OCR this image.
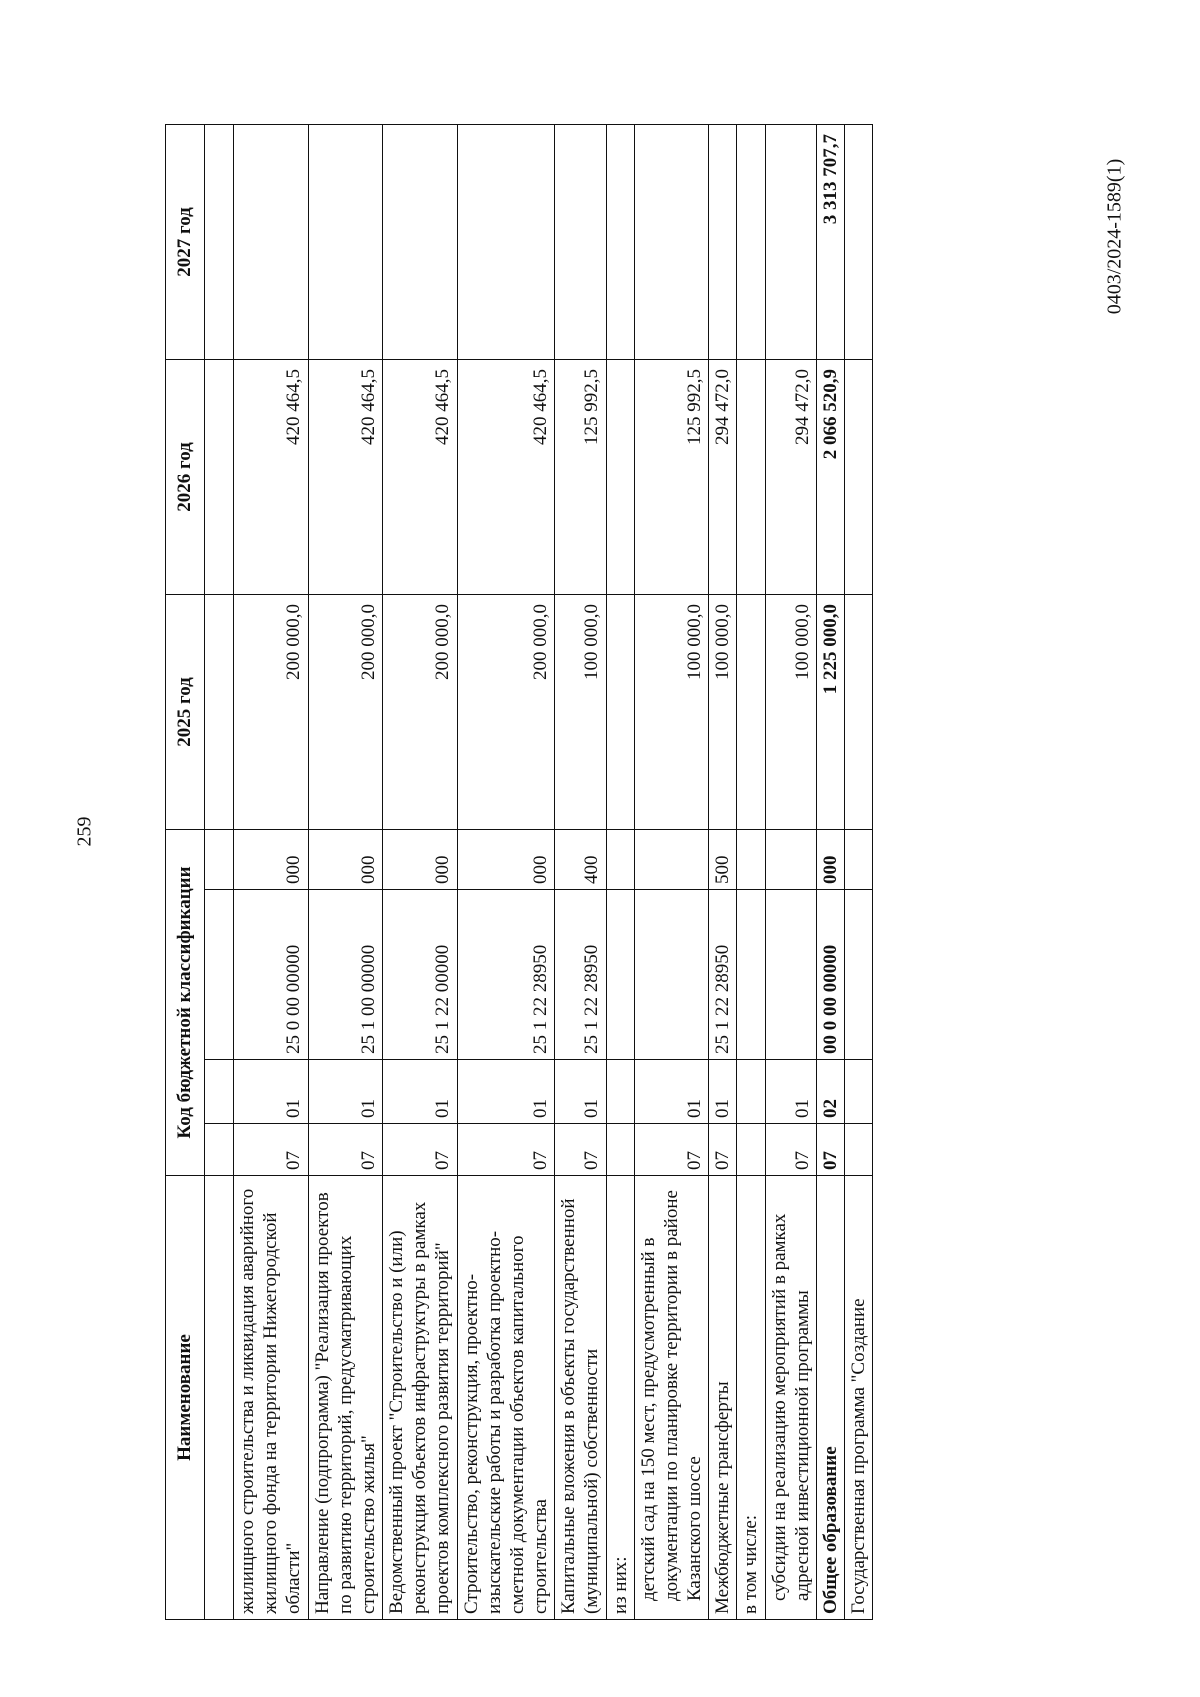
259
Наименование	Код бюджетной классификации				2025 год	2026 год	2027 год

жилищного строительства и ликвидация аварийного жилищного фонда на территории Нижегородской области"	07	01	25 0 00 00000	000	200 000,0	420 464,5	
Направление (подпрограмма) "Реализация проектов по развитию территорий, предусматривающих строительство жилья"	07	01	25 1 00 00000	000	200 000,0	420 464,5	
Ведомственный проект "Строительство и (или) реконструкция объектов инфраструктуры в рамках проектов комплексного развития территорий"	07	01	25 1 22 00000	000	200 000,0	420 464,5	
Строительство, реконструкция, проектно-изыскательские работы и разработка проектно-сметной документации объектов капитального строительства	07	01	25 1 22 28950	000	200 000,0	420 464,5	
Капитальные вложения в объекты государственной (муниципальной) собственности	07	01	25 1 22 28950	400	100 000,0	125 992,5	
из них:							
детский сад на 150 мест, предусмотренный в документации по планировке территории в районе Казанского шоссе	07	01			100 000,0	125 992,5	
Межбюджетные трансферты	07	01	25 1 22 28950	500	100 000,0	294 472,0	
в том числе:							
субсидии на реализацию мероприятий в рамках адресной инвестиционной программы	07	01			100 000,0	294 472,0	
Общее образование	07	02	00 0 00 00000	000	1 225 000,0	2 066 520,9	3 313 707,7
Государственная программа "Создание							
0403/2024-1589(1)
